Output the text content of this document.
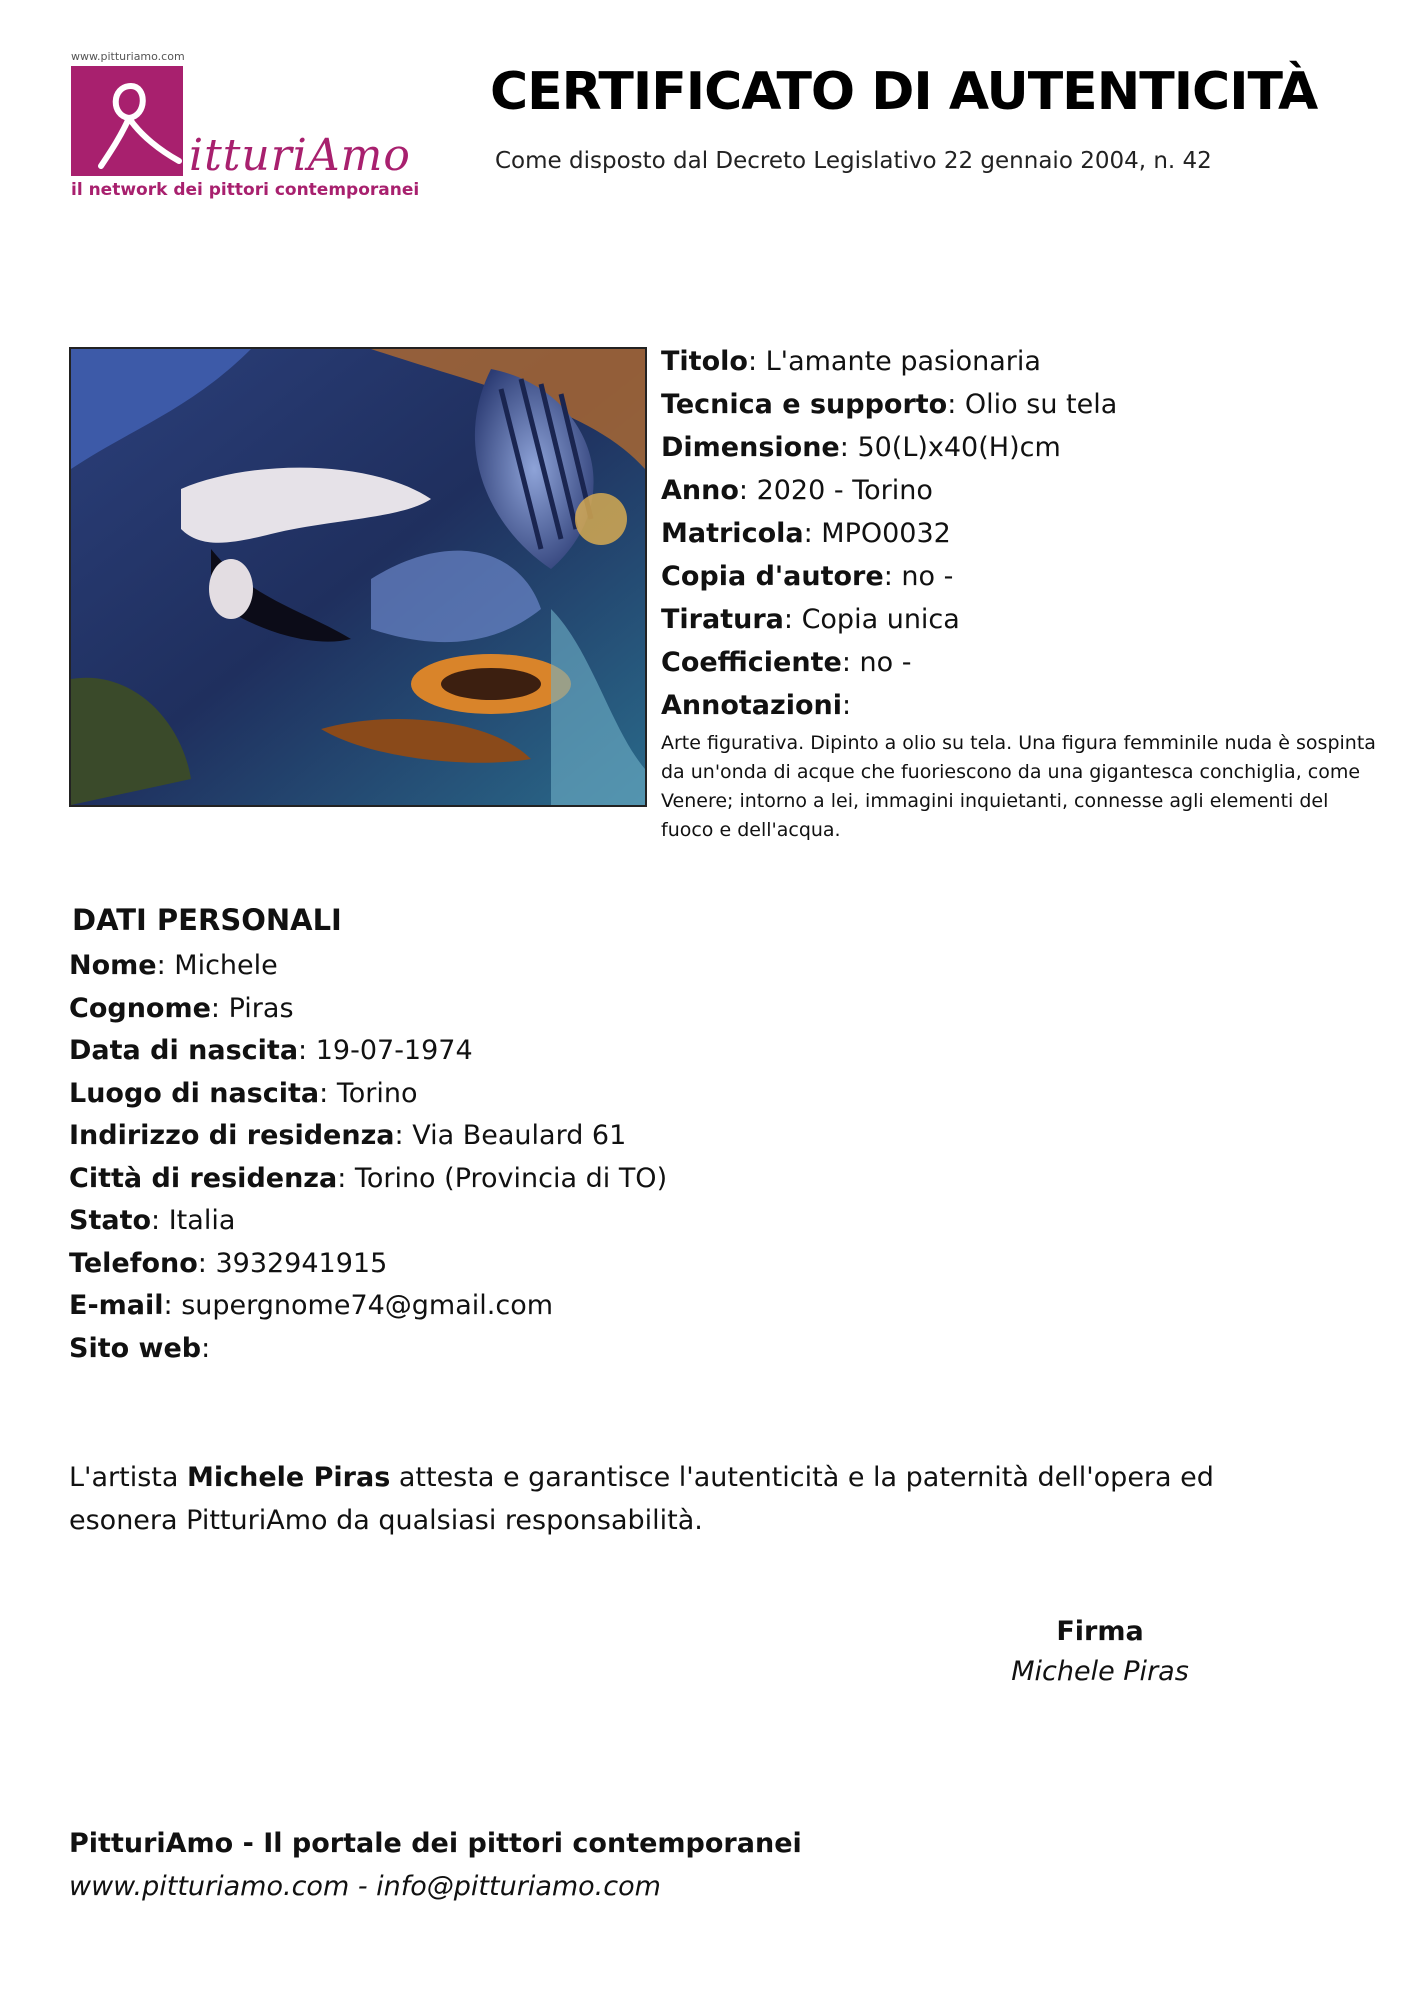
www.pitturiamo.com
itturiAmo
il network dei pittori contemporanei
CERTIFICATO DI AUTENTICITÀ
Come disposto dal Decreto Legislativo 22 gennaio 2004, n. 42
Titolo: L'amante pasionaria
Tecnica e supporto: Olio su tela
Dimensione: 50(L)x40(H)cm
Anno: 2020 - Torino
Matricola: MPO0032
Copia d'autore: no -
Tiratura: Copia unica
Coefficiente: no -
Annotazioni:
Arte figurativa. Dipinto a olio su tela. Una figura femminile nuda è sospinta da un'onda di acque che fuoriescono da una gigantesca conchiglia, come Venere; intorno a lei, immagini inquietanti, connesse agli elementi del fuoco e dell'acqua.
DATI PERSONALI
Nome: Michele
Cognome: Piras
Data di nascita: 19-07-1974
Luogo di nascita: Torino
Indirizzo di residenza: Via Beaulard 61
Città di residenza: Torino (Provincia di TO)
Stato: Italia
Telefono: 3932941915
E-mail: supergnome74@gmail.com
Sito web:
L'artista Michele Piras attesta e garantisce l'autenticità e la paternità dell'opera ed esonera PitturiAmo da qualsiasi responsabilità.
Firma
Michele Piras
PitturiAmo - Il portale dei pittori contemporanei
www.pitturiamo.com - info@pitturiamo.com
